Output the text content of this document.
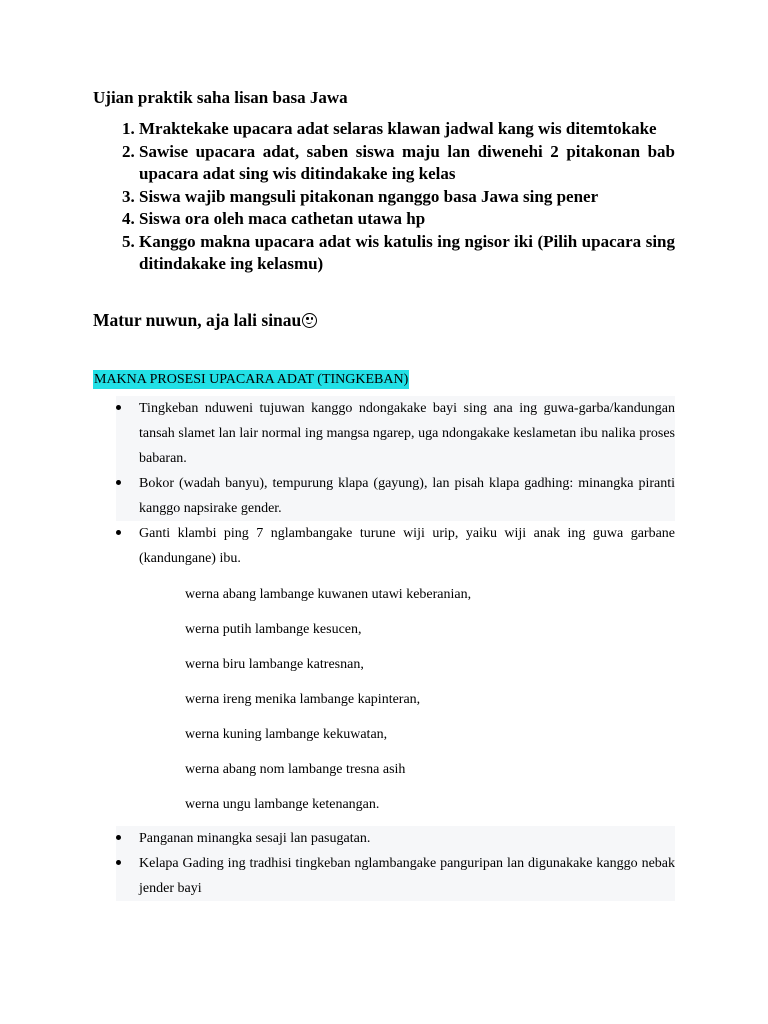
Ujian praktik saha lisan basa Jawa
1. Mraktekake upacara adat selaras klawan jadwal kang wis ditemtokake
2. Sawise upacara adat, saben siswa maju lan diwenehi 2 pitakonan bab upacara adat sing wis ditindakake ing kelas
3. Siswa wajib mangsuli pitakonan nganggo basa Jawa sing pener
4. Siswa ora oleh maca cathetan utawa hp
5. Kanggo makna upacara adat wis katulis ing ngisor iki (Pilih upacara sing ditindakake ing kelasmu)
Matur nuwun, aja lali sinau
MAKNA PROSESI UPACARA ADAT (TINGKEBAN)
Tingkeban nduweni tujuwan kanggo ndongakake bayi sing ana ing guwa-garba/kandungan tansah slamet lan lair normal ing mangsa ngarep, uga ndongakake keslametan ibu nalika proses babaran.
Bokor (wadah banyu), tempurung klapa (gayung), lan pisah klapa gadhing: minangka piranti kanggo napsirake gender.
Ganti klambi ping 7 nglambangake turune wiji urip, yaiku wiji anak ing guwa garbane (kandungane) ibu.
werna abang lambange kuwanen utawi keberanian,
werna putih lambange kesucen,
werna biru lambange katresnan,
werna ireng menika lambange kapinteran,
werna kuning lambange kekuwatan,
werna abang nom lambange tresna asih
werna ungu lambange ketenangan.
Panganan minangka sesaji lan pasugatan.
Kelapa Gading ing tradhisi tingkeban nglambangake panguripan lan digunakake kanggo nebak jender bayi
